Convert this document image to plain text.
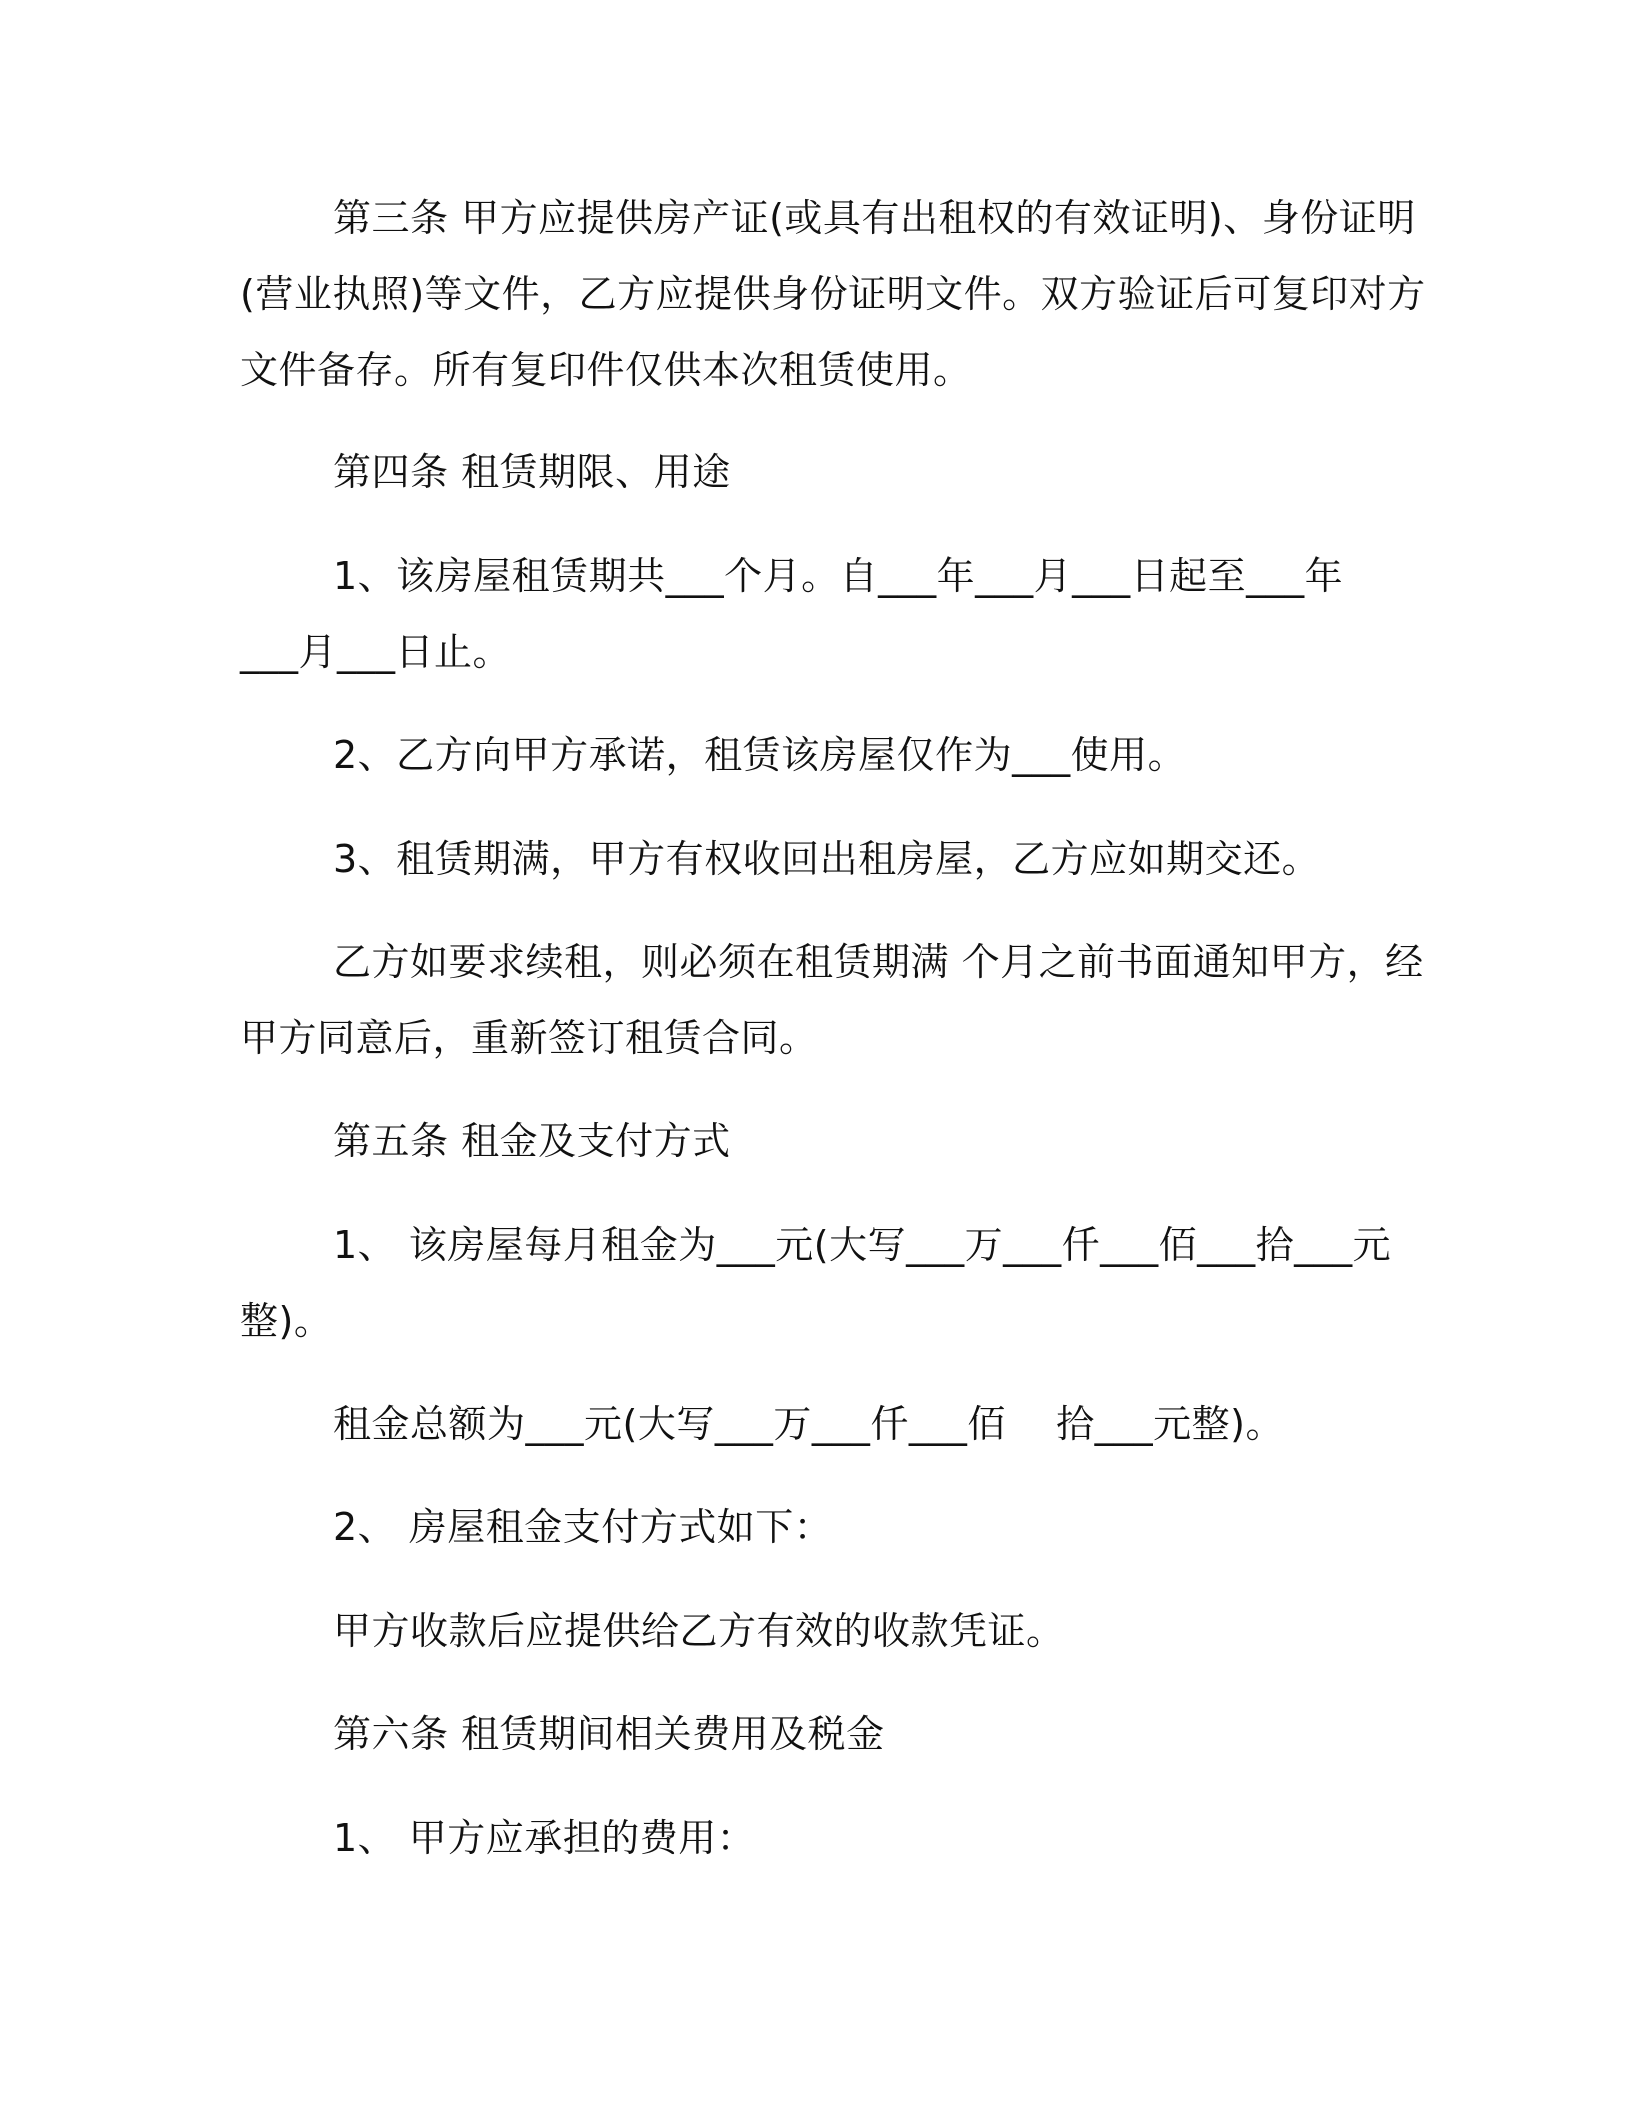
第三条 甲方应提供房产证(或具有出租权的有效证明)、身份证明
(营业执照)等文件，乙方应提供身份证明文件。双方验证后可复印对方
文件备存。所有复印件仅供本次租赁使用。
第四条 租赁期限、用途
1、该房屋租赁期共___个月。自___年___月___日起至___年
___月___日止。
2、乙方向甲方承诺，租赁该房屋仅作为___使用。
3、租赁期满，甲方有权收回出租房屋，乙方应如期交还。
乙方如要求续租，则必须在租赁期满 个月之前书面通知甲方，经
甲方同意后，重新签订租赁合同。
第五条 租金及支付方式
1、 该房屋每月租金为___元(大写___万___仟___佰___拾___元
整)。
租金总额为___元(大写___万___仟___佰    拾___元整)。
2、 房屋租金支付方式如下：
甲方收款后应提供给乙方有效的收款凭证。
第六条 租赁期间相关费用及税金
1、 甲方应承担的费用：
